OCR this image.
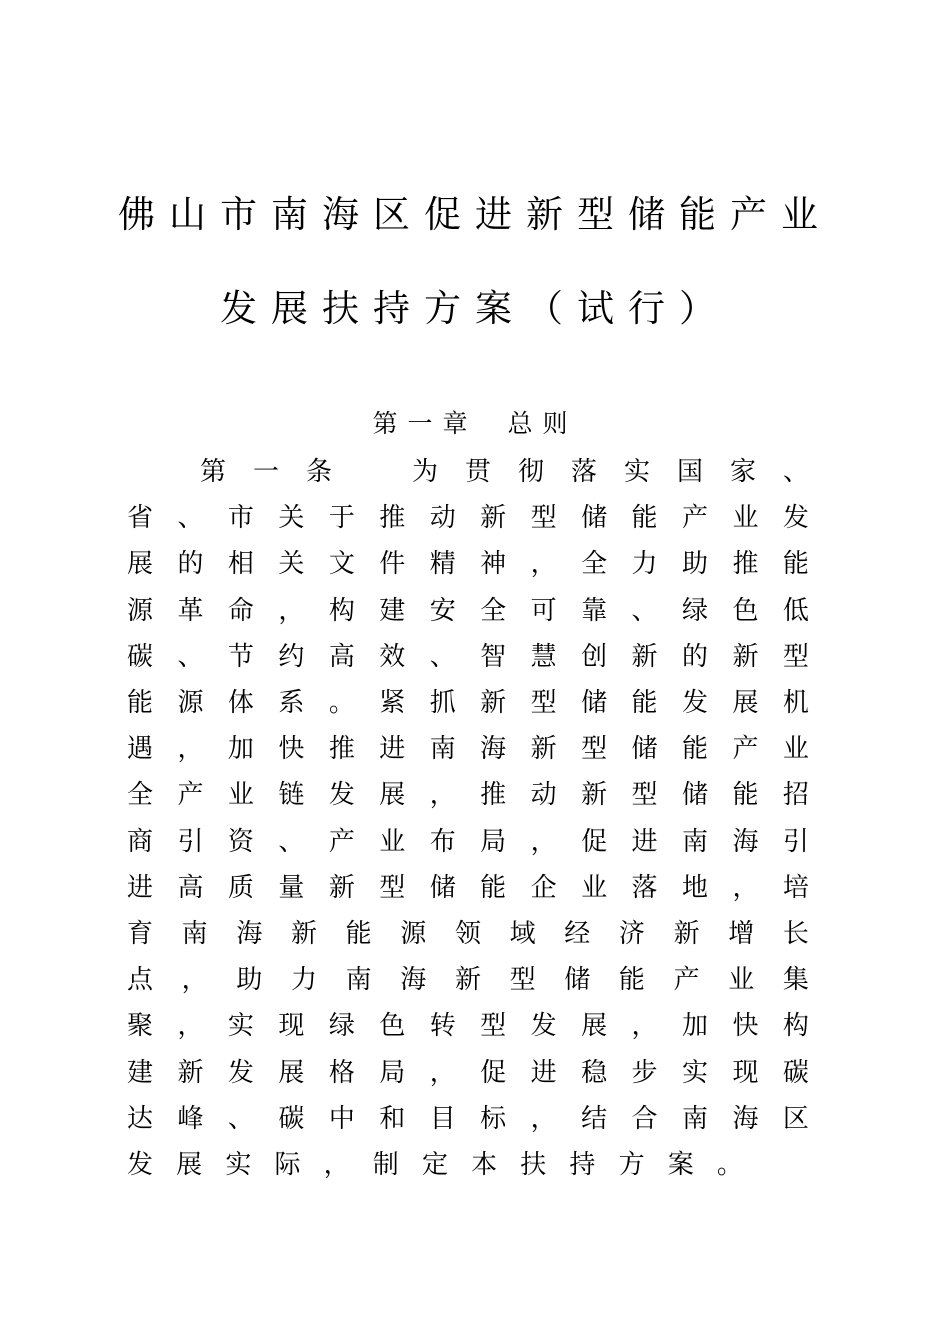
佛山市南海区促进新型储能产业
发展扶持方案（试行）
第一章 总则
第 一 条
　	为 贯 彻 落 实 国 家 、
省 、 市 关 于 推 动 新 型 储 能 产 业 发
展 的 相 关 文 件 精 神 ， 全 力 助 推 能
源 革 命 ， 构 建 安 全 可 靠 、 绿 色 低
碳 、 节 约 高 效 、 智 慧 创 新 的 新 型
能 源 体 系 。 紧 抓 新 型 储 能 发 展 机
遇 ， 加 快 推 进 南 海 新 型 储 能 产 业
全 产 业 链 发 展 ， 推 动 新 型 储 能 招
商 引 资 、 产 业 布 局 ， 促 进 南 海 引
进 高 质 量 新 型 储 能 企 业 落 地 ， 培
育 南 海 新 能 源 领 域 经 济 新 增 长
点 ， 助 力 南 海 新 型 储 能 产 业 集
聚 ， 实 现 绿 色 转 型 发 展 ， 加 快 构
建 新 发 展 格 局 ， 促 进 稳 步 实 现 碳
达 峰 、 碳 中 和 目 标 ， 结 合 南 海 区
发 展 实 际 ， 制 定 本 扶 持 方 案 。
